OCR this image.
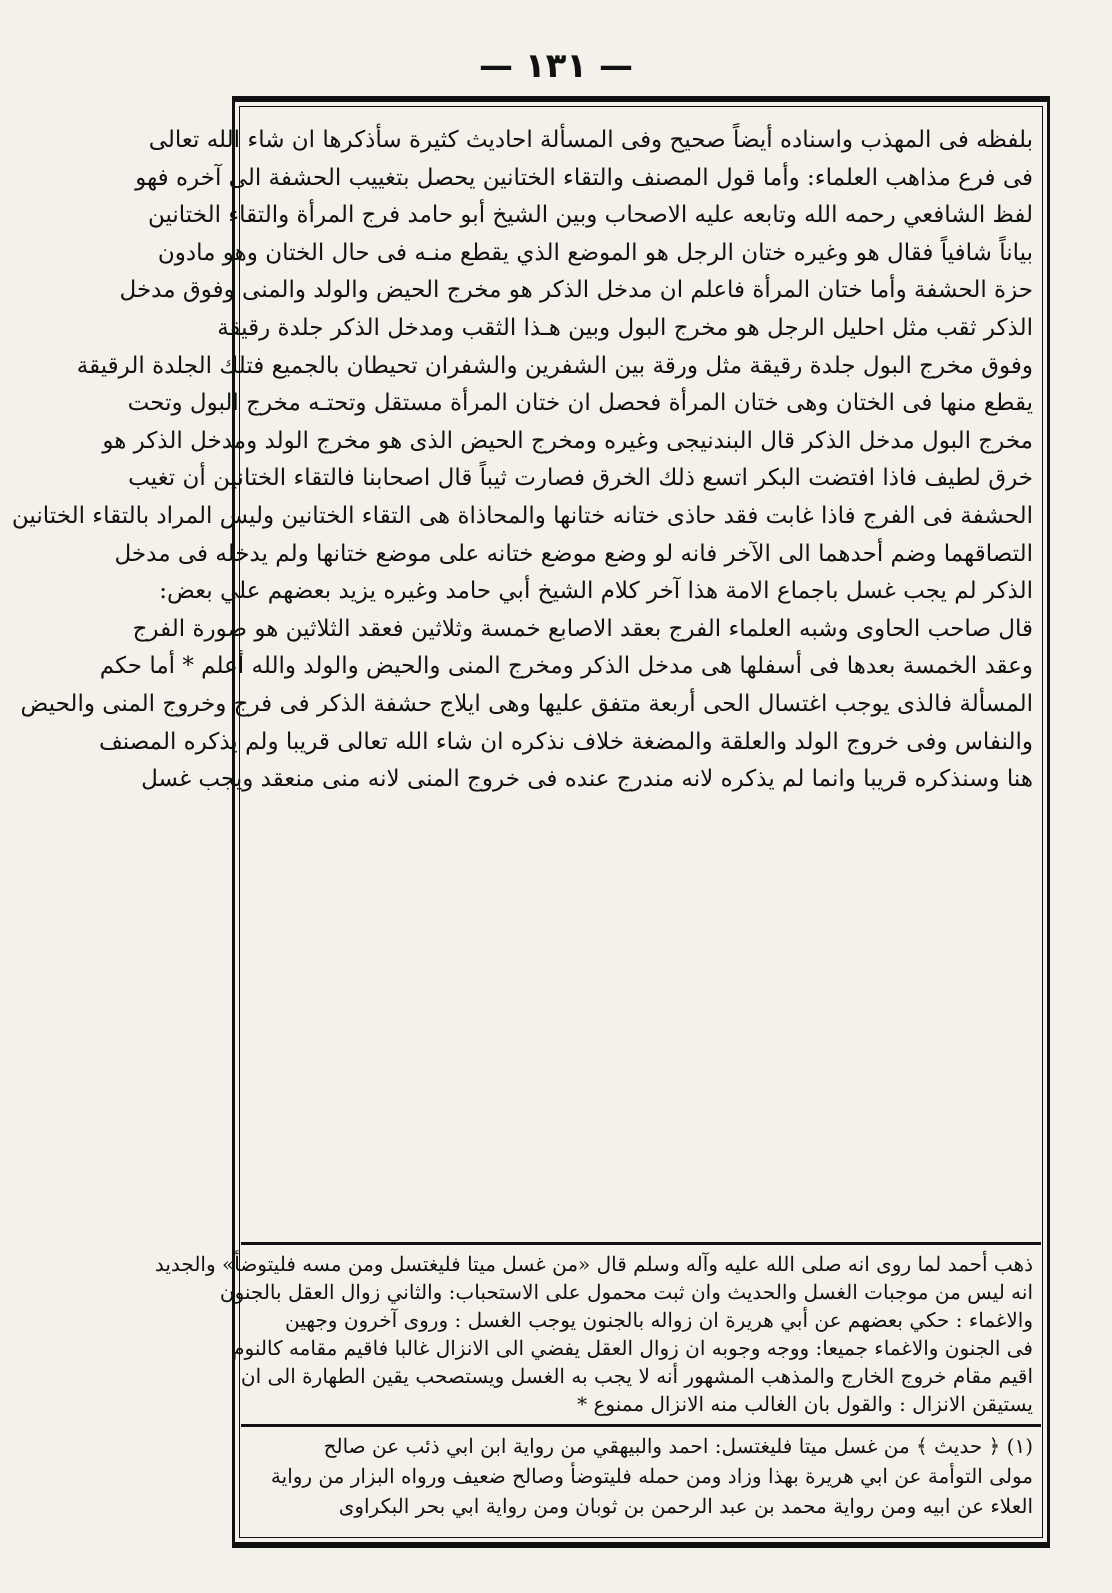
— ١٣١ —
بلفظه فى المهذب واسناده أيضاً صحيح وفى المسألة احاديث كثيرة سأذكرها ان شاء الله تعالى
فى فرع مذاهب العلماء: وأما قول المصنف والتقاء الختانين يحصل بتغييب الحشفة الى آخره فهو
لفظ الشافعي رحمه الله وتابعه عليه الاصحاب وبين الشيخ أبو حامد فرج المرأة والتقاء الختانين
بياناً شافياً فقال هو وغيره ختان الرجل هو الموضع الذي يقطع منـه فى حال الختان وهو مادون
حزة الحشفة وأما ختان المرأة فاعلم ان مدخل الذكر هو مخرج الحيض والولد والمنى وفوق مدخل
الذكر ثقب مثل احليل الرجل هو مخرج البول وبين هـذا الثقب ومدخل الذكر جلدة رقيقة
وفوق مخرج البول جلدة رقيقة مثل ورقة بين الشفرين والشفران تحيطان بالجميع فتلك الجلدة الرقيقة
يقطع منها فى الختان وهى ختان المرأة فحصل ان ختان المرأة مستقل وتحتـه مخرج البول وتحت
مخرج البول مدخل الذكر قال البندنيجى وغيره ومخرج الحيض الذى هو مخرج الولد ومدخل الذكر هو
خرق لطيف فاذا افتضت البكر اتسع ذلك الخرق فصارت ثيباً قال اصحابنا فالتقاء الختانين أن تغيب
الحشفة فى الفرج فاذا غابت فقد حاذى ختانه ختانها والمحاذاة هى التقاء الختانين وليس المراد بالتقاء الختانين
التصاقهما وضم أحدهما الى الآخر فانه لو وضع موضع ختانه على موضع ختانها ولم يدخله فى مدخل
الذكر لم يجب غسل باجماع الامة هذا آخر كلام الشيخ أبي حامد وغيره يزيد بعضهم علي بعض:
قال صاحب الحاوى وشبه العلماء الفرج بعقد الاصابع خمسة وثلاثين فعقد الثلاثين هو صورة الفرج
وعقد الخمسة بعدها فى أسفلها هى مدخل الذكر ومخرج المنى والحيض والولد والله أعلم * أما حكم
المسألة فالذى يوجب اغتسال الحى أربعة متفق عليها وهى ايلاج حشفة الذكر فى فرج وخروج المنى والحيض
والنفاس وفى خروج الولد والعلقة والمضغة خلاف نذكره ان شاء الله تعالى قريبا ولم يذكره المصنف
هنا وسنذكره قريبا وانما لم يذكره لانه مندرج عنده فى خروج المنى لانه منى منعقد ويجب غسل
ذهب أحمد لما روى انه صلى الله عليه وآله وسلم قال «من غسل ميتا فليغتسل ومن مسه فليتوضأ» والجديد
انه ليس من موجبات الغسل والحديث وان ثبت محمول على الاستحباب: والثاني زوال العقل بالجنون
والاغماء : حكي بعضهم عن أبي هريرة ان زواله بالجنون يوجب الغسل : وروى آخرون وجهين
فى الجنون والاغماء جميعا: ووجه وجوبه ان زوال العقل يفضي الى الانزال غالبا فاقيم مقامه كالنوم
اقيم مقام خروج الخارج والمذهب المشهور أنه لا يجب به الغسل ويستصحب يقين الطهارة الى ان
يستيقن الانزال : والقول بان الغالب منه الانزال ممنوع *
(١) ﴿ حديث ﴾ من غسل ميتا فليغتسل: احمد والبيهقي من رواية ابن ابي ذئب عن صالح
مولى التوأمة عن ابي هريرة بهذا وزاد ومن حمله فليتوضأ وصالح ضعيف ورواه البزار من رواية
العلاء عن ابيه ومن رواية محمد بن عبد الرحمن بن ثوبان ومن رواية ابي بحر البكراوى
